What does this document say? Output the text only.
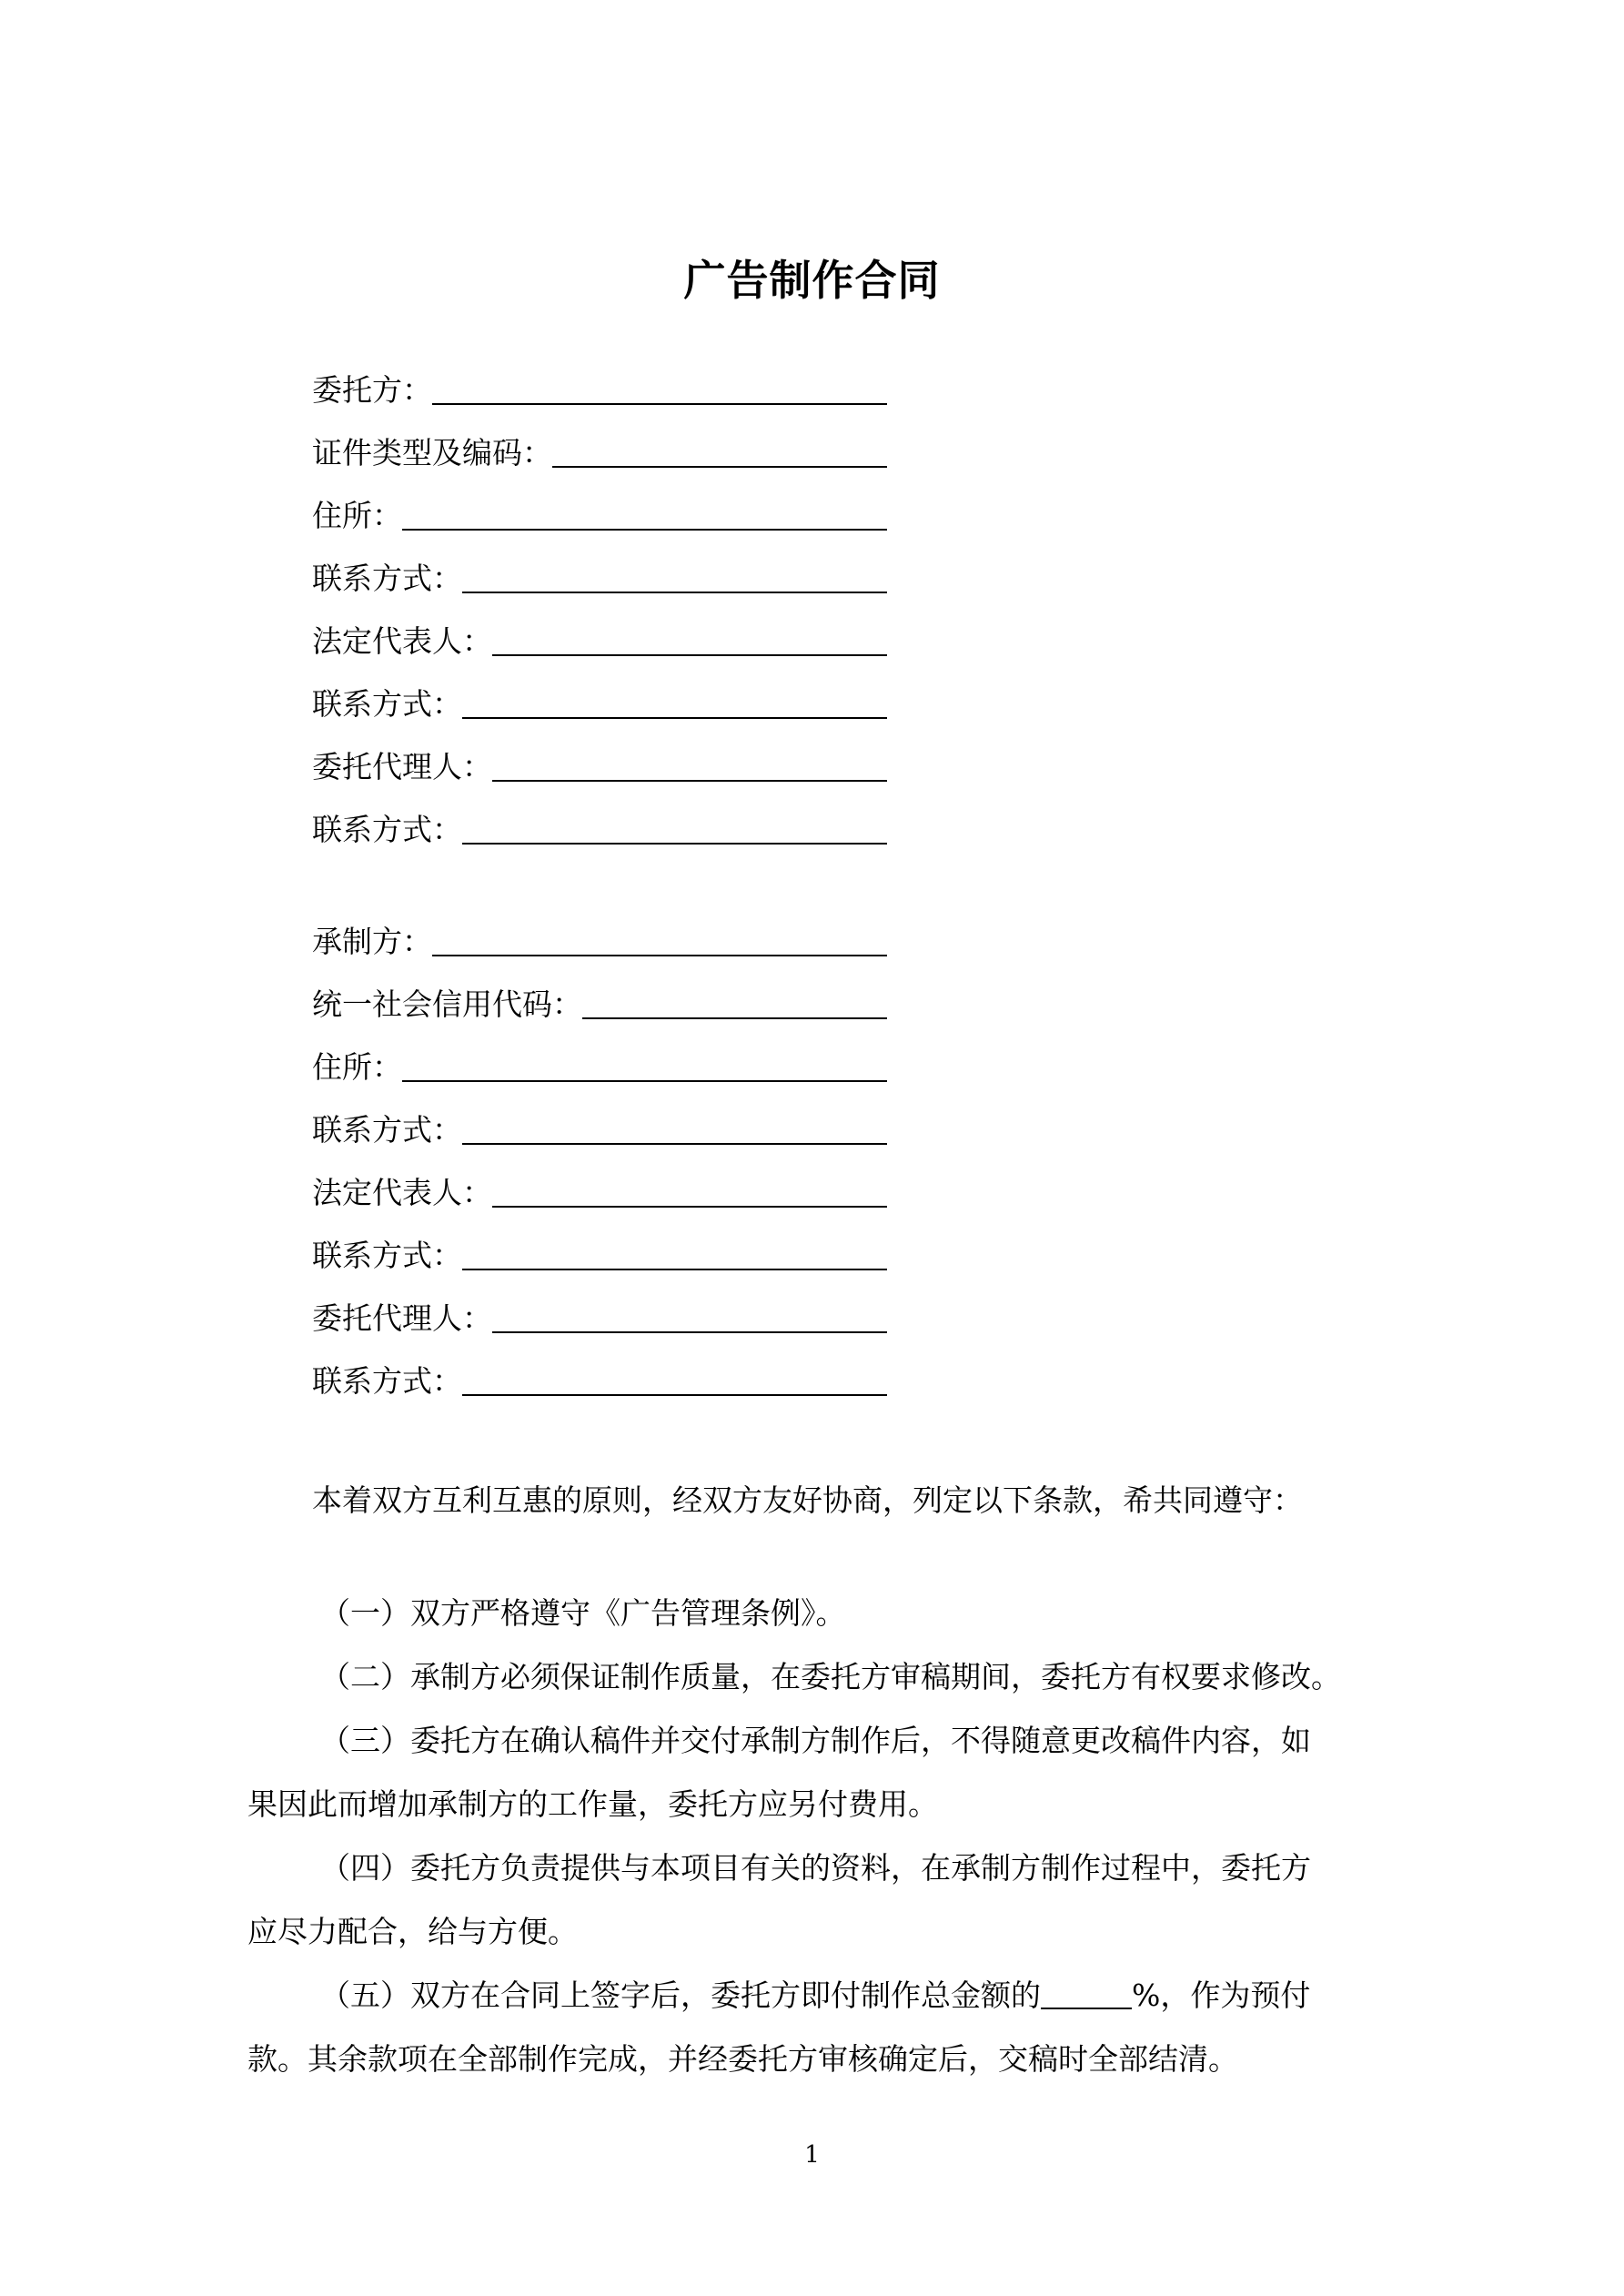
广告制作合同
委托方：
证件类型及编码：
住所：
联系方式：
法定代表人：
联系方式：
委托代理人：
联系方式：
承制方：
统一社会信用代码：
住所：
联系方式：
法定代表人：
联系方式：
委托代理人：
联系方式：
本着双方互利互惠的原则，经双方友好协商，列定以下条款，希共同遵守：
（一）双方严格遵守《广告管理条例》。
（二）承制方必须保证制作质量，在委托方审稿期间，委托方有权要求修改。
（三）委托方在确认稿件并交付承制方制作后，不得随意更改稿件内容，如
果因此而增加承制方的工作量，委托方应另付费用。
（四）委托方负责提供与本项目有关的资料，在承制方制作过程中，委托方
应尽力配合，给与方便。
（五）双方在合同上签字后，委托方即付制作总金额的	%，作为预付
款。其余款项在全部制作完成，并经委托方审核确定后，交稿时全部结清。
1
